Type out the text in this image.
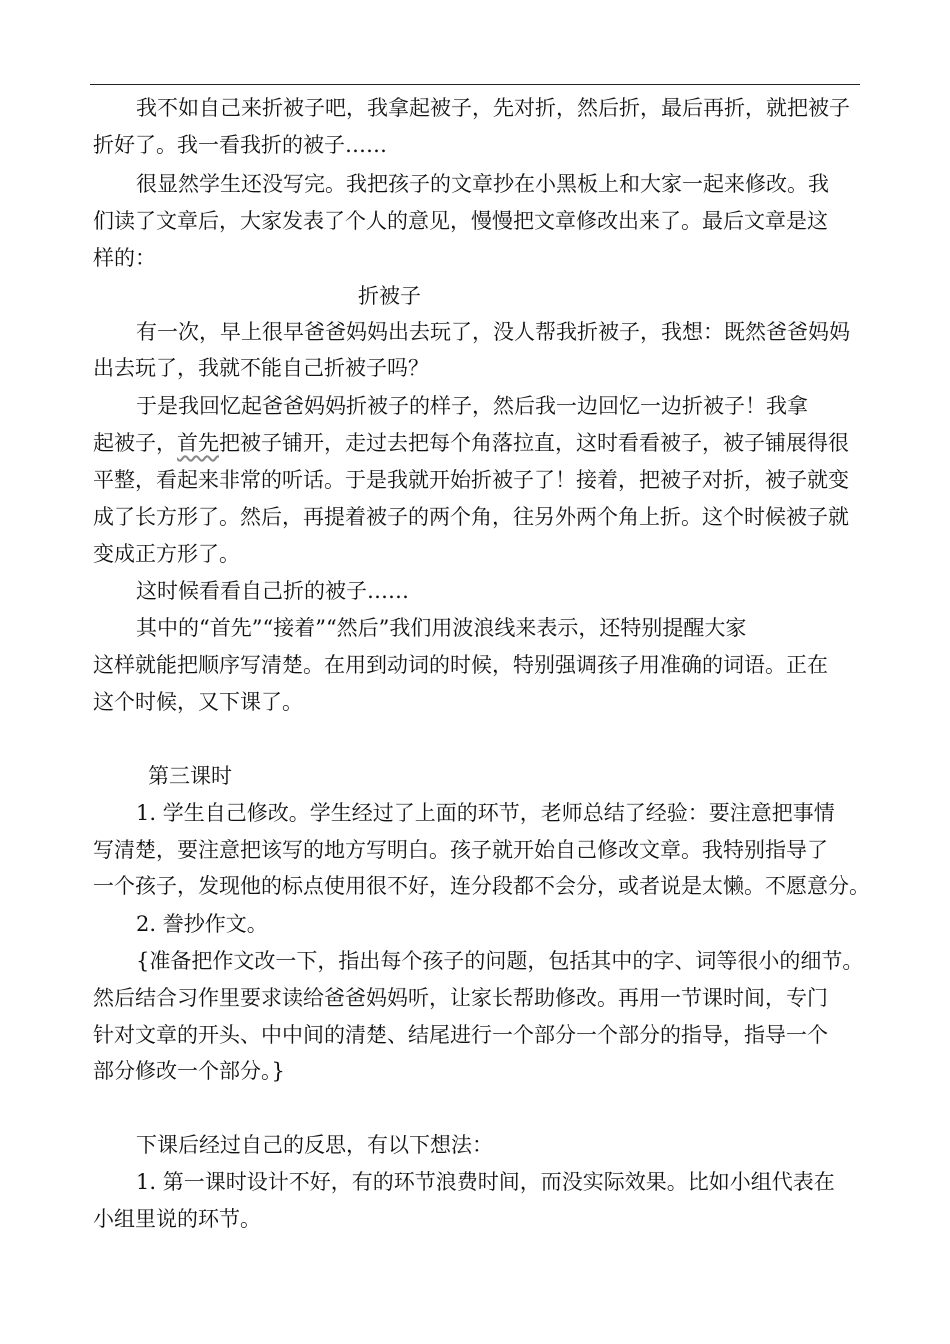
我不如自己来折被子吧，我拿起被子，先对折，然后折，最后再折，就把被子
折好了。我一看我折的被子……
很显然学生还没写完。我把孩子的文章抄在小黑板上和大家一起来修改。我
们读了文章后，大家发表了个人的意见，慢慢把文章修改出来了。最后文章是这
样的：
折被子
有一次，早上很早爸爸妈妈出去玩了，没人帮我折被子，我想：既然爸爸妈妈
出去玩了，我就不能自己折被子吗？
于是我回忆起爸爸妈妈折被子的样子，然后我一边回忆一边折被子！我拿
起被子，首先把被子铺开，走过去把每个角落拉直，这时看看被子，被子铺展得很
平整，看起来非常的听话。于是我就开始折被子了！接着，把被子对折，被子就变
成了长方形了。然后，再提着被子的两个角，往另外两个角上折。这个时候被子就
变成正方形了。
这时候看看自己折的被子……
其中的“首先”“接着”“然后”我们用波浪线来表示，还特别提醒大家
这样就能把顺序写清楚。在用到动词的时候，特别强调孩子用准确的词语。正在
这个时候，又下课了。
第三课时
1. 学生自己修改。学生经过了上面的环节，老师总结了经验：要注意把事情
写清楚，要注意把该写的地方写明白。孩子就开始自己修改文章。我特别指导了
一个孩子，发现他的标点使用很不好，连分段都不会分，或者说是太懒。不愿意分。
2. 誊抄作文。
{准备把作文改一下，指出每个孩子的问题，包括其中的字、词等很小的细节。
然后结合习作里要求读给爸爸妈妈听，让家长帮助修改。再用一节课时间，专门
针对文章的开头、中中间的清楚、结尾进行一个部分一个部分的指导，指导一个
部分修改一个部分。}
下课后经过自己的反思，有以下想法：
1. 第一课时设计不好，有的环节浪费时间，而没实际效果。比如小组代表在
小组里说的环节。
